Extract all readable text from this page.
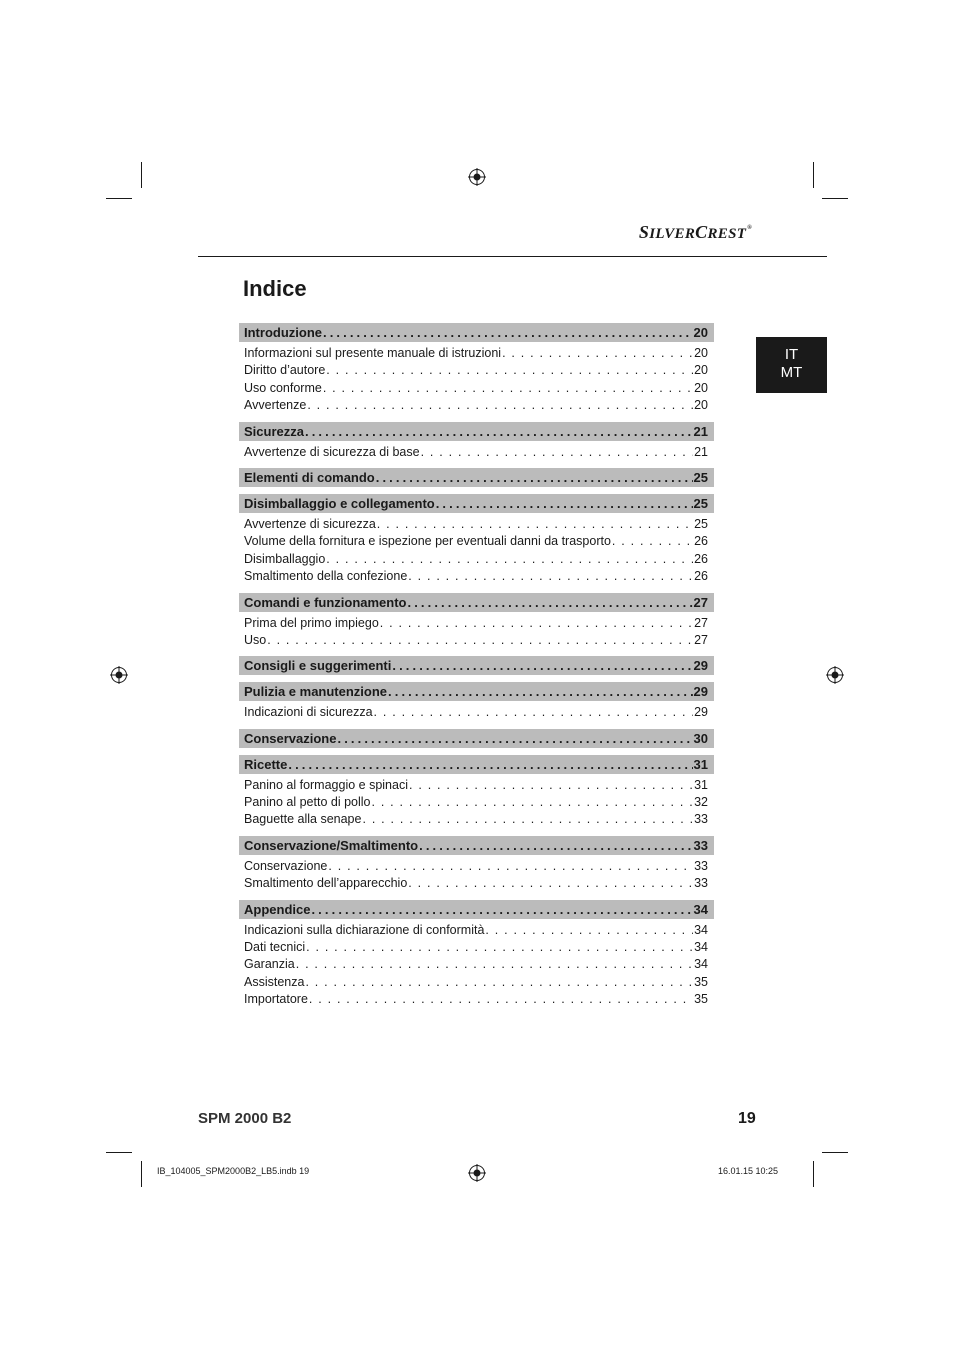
SILVERCREST®
Indice
IT
MT
Introduzione .....	20
Informazioni sul presente manuale di istruzioni . . .	20
Diritto d’autore . . .	20
Uso conforme . . .	20
Avvertenze . . .	20
Sicurezza .....	21
Avvertenze di sicurezza di base . . .	21
Elementi di comando .....	25
Disimballaggio e collegamento .....	25
Avvertenze di sicurezza . . .	25
Volume della fornitura e ispezione per eventuali danni da trasporto . . .	26
Disimballaggio . . .	26
Smaltimento della confezione . . .	26
Comandi e funzionamento .....	27
Prima del primo impiego . . .	27
Uso . . .	27
Consigli e suggerimenti .....	29
Pulizia e manutenzione .....	29
Indicazioni di sicurezza . . .	29
Conservazione .....	30
Ricette .....	31
Panino al formaggio e spinaci . . .	31
Panino al petto di pollo . . .	32
Baguette alla senape . . .	33
Conservazione/Smaltimento .....	33
Conservazione . . .	33
Smaltimento dell’apparecchio . . .	33
Appendice .....	34
Indicazioni sulla dichiarazione di conformità . . .	34
Dati tecnici . . .	34
Garanzia . . .	34
Assistenza . . .	35
Importatore . . .	35
SPM 2000 B2	19
IB_104005_SPM2000B2_LB5.indb 19	16.01.15 10:25
